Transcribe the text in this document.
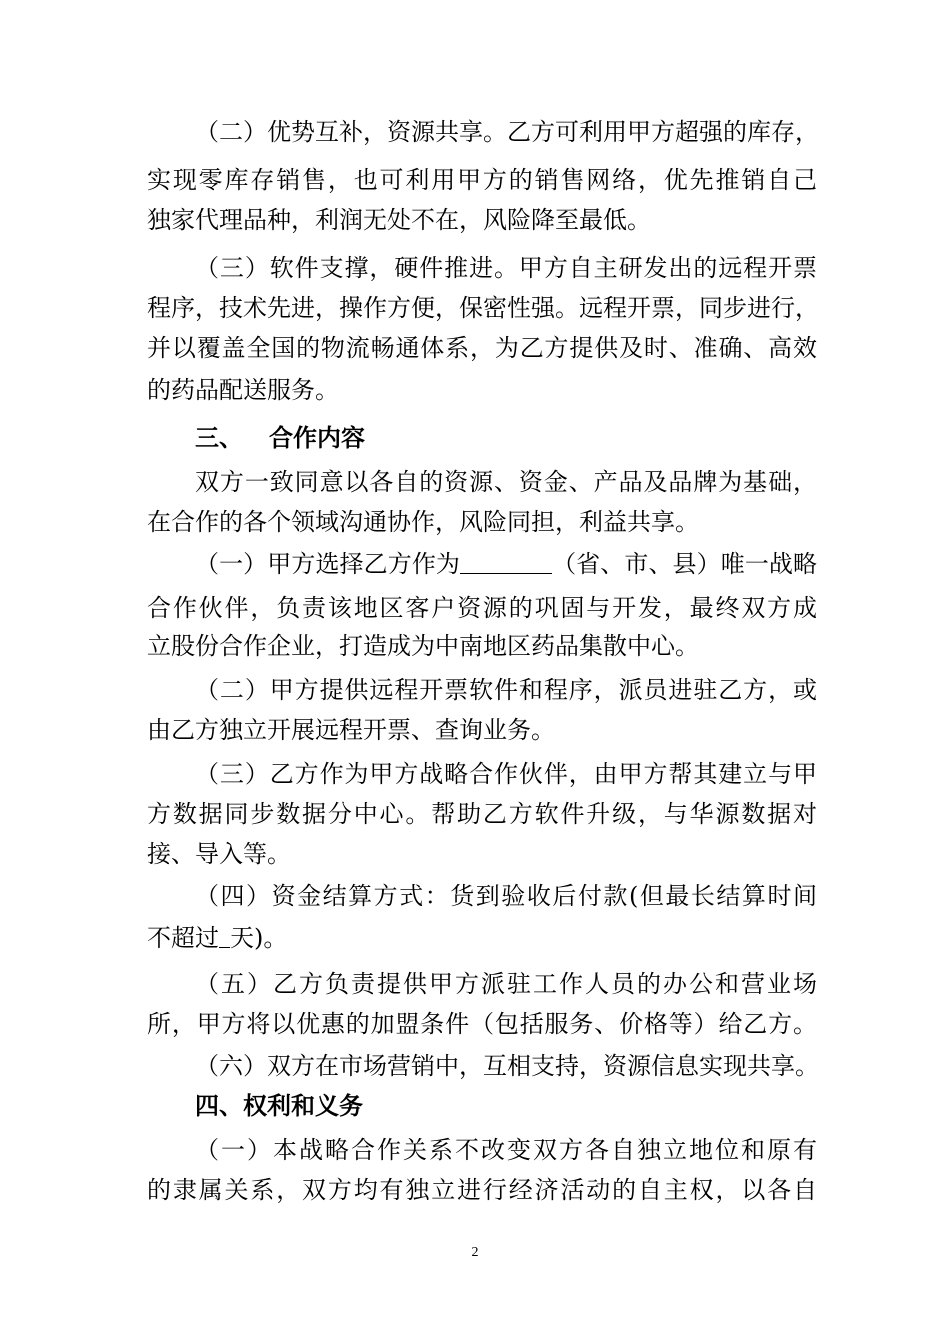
（二）优势互补，资源共享。乙方可利用甲方超强的库存，
实现零库存销售，也可利用甲方的销售网络，优先推销自己
独家代理品种，利润无处不在，风险降至最低。
（三）软件支撑，硬件推进。甲方自主研发出的远程开票
程序，技术先进，操作方便，保密性强。远程开票，同步进行，
并以覆盖全国的物流畅通体系，为乙方提供及时、准确、高效
的药品配送服务。
三、 合作内容
双方一致同意以各自的资源、资金、产品及品牌为基础，
在合作的各个领域沟通协作，风险同担，利益共享。
（一）甲方选择乙方作为	（省、市、县）唯一战略
合作伙伴，负责该地区客户资源的巩固与开发，最终双方成
立股份合作企业，打造成为中南地区药品集散中心。
（二）甲方提供远程开票软件和程序，派员进驻乙方，或
由乙方独立开展远程开票、查询业务。
（三）乙方作为甲方战略合作伙伴，由甲方帮其建立与甲
方数据同步数据分中心。帮助乙方软件升级，与华源数据对
接、导入等。
（四）资金结算方式：货到验收后付款(但最长结算时间
不超过 天)。
（五）乙方负责提供甲方派驻工作人员的办公和营业场
所，甲方将以优惠的加盟条件（包括服务、价格等）给乙方。
（六）双方在市场营销中，互相支持，资源信息实现共享。
四、权利和义务
（一）本战略合作关系不改变双方各自独立地位和原有
的隶属关系，双方均有独立进行经济活动的自主权，以各自
2
